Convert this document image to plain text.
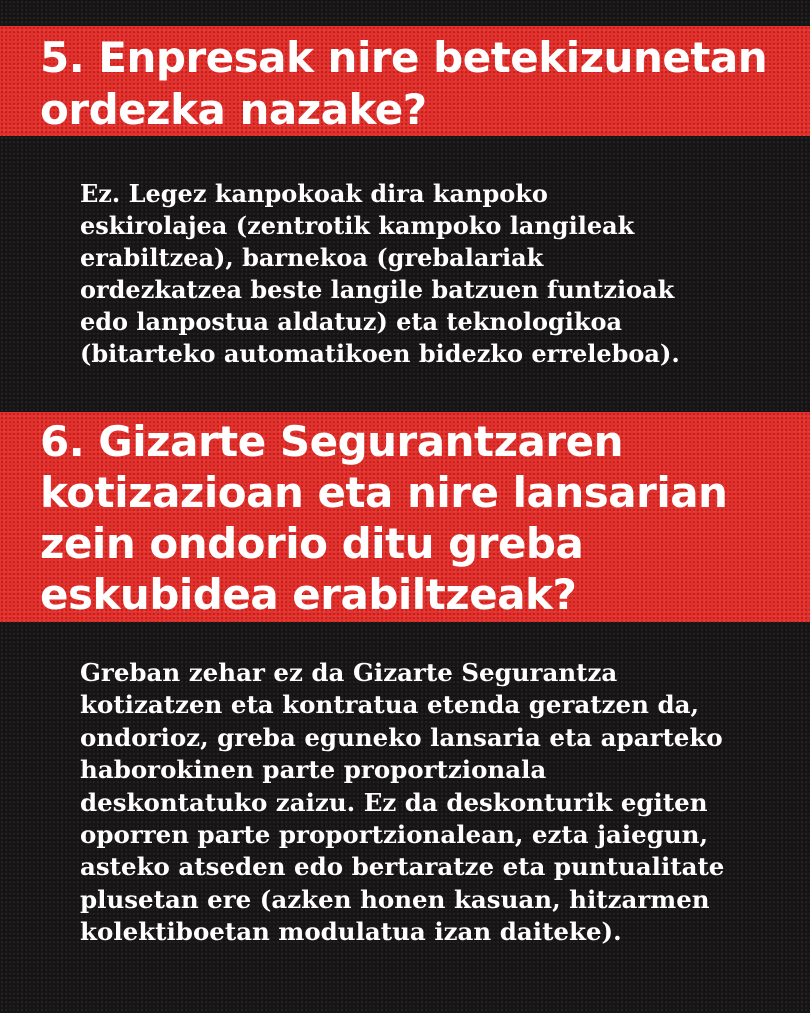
5. Enpresak nire betekizunetan
ordezka nazake?

Ez. Legez kanpokoak dira kanpoko
eskirolajea (zentrotik kampoko langileak
erabiltzea), barnekoa (grebalariak
ordezkatzea beste langile batzuen funtzioak
edo lanpostua aldatuz) eta teknologikoa
(bitarteko automatikoen bidezko erreleboa).

6. Gizarte Segurantzaren
kotizazioan eta nire lansarian
zein ondorio ditu greba
eskubidea erabiltzeak?

Greban zehar ez da Gizarte Segurantza
kotizatzen eta kontratua etenda geratzen da,
ondorioz, greba eguneko lansaria eta aparteko
haborokinen parte proportzionala
deskontatuko zaizu. Ez da deskonturik egiten
oporren parte proportzionalean, ezta jaiegun,
asteko atseden edo bertaratze eta puntualitate
plusetan ere (azken honen kasuan, hitzarmen
kolektiboetan modulatua izan daiteke).
